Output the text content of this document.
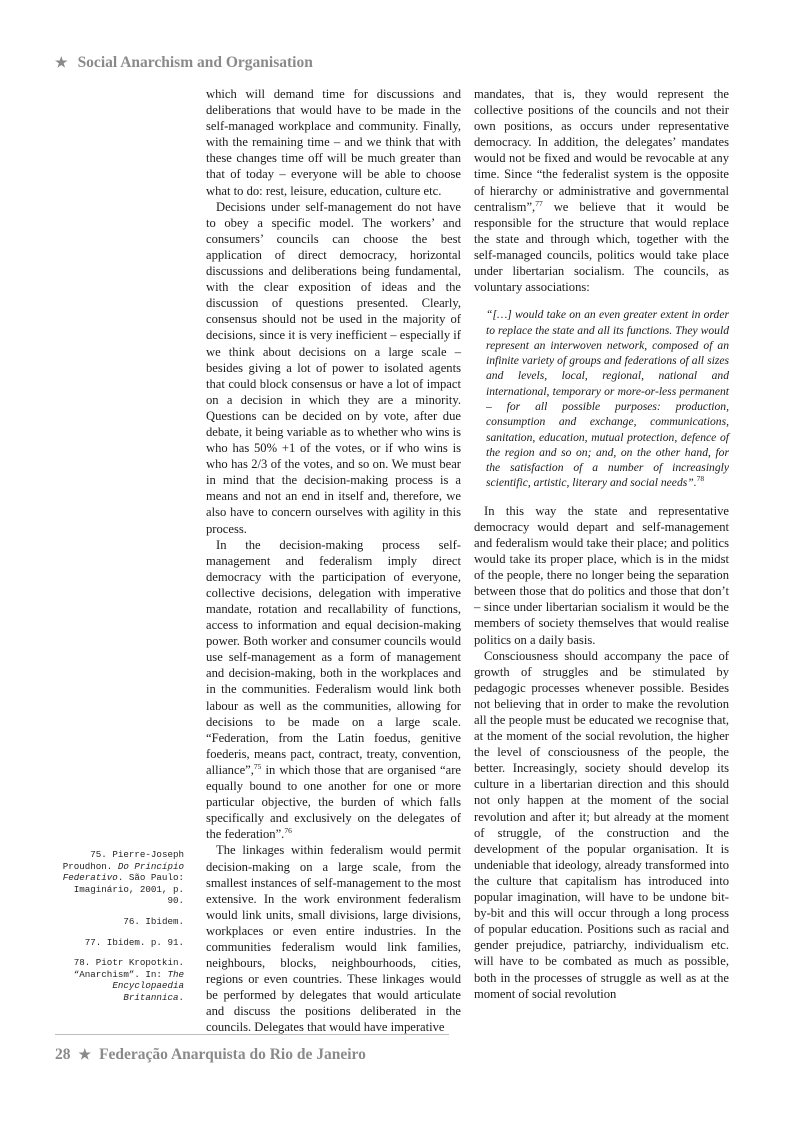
★ Social Anarchism and Organisation

which will demand time for discussions and deliberations that would have to be made in the self-managed workplace and community. Finally, with the remaining time – and we think that with these changes time off will be much greater than that of today – everyone will be able to choose what to do: rest, leisure, education, culture etc.

Decisions under self-management do not have to obey a specific model. The workers’ and consumers’ councils can choose the best application of direct democracy, horizontal discussions and deliberations being fundamental, with the clear exposition of ideas and the discussion of questions presented. Clearly, consensus should not be used in the majority of decisions, since it is very inefficient – especially if we think about decisions on a large scale – besides giving a lot of power to isolated agents that could block consensus or have a lot of impact on a decision in which they are a minority. Questions can be decided on by vote, after due debate, it being variable as to whether who wins is who has 50% +1 of the votes, or if who wins is who has 2/3 of the votes, and so on. We must bear in mind that the decision-making process is a means and not an end in itself and, therefore, we also have to concern ourselves with agility in this process.

In the decision-making process self-management and federalism imply direct democracy with the participation of everyone, collective decisions, delegation with imperative mandate, rotation and recallability of functions, access to information and equal decision-making power. Both worker and consumer councils would use self-management as a form of management and decision-making, both in the workplaces and in the communities. Federalism would link both labour as well as the communities, allowing for decisions to be made on a large scale. “Federation, from the Latin foedus, genitive foederis, means pact, contract, treaty, convention, alliance”,$^{75}$ in which those that are organised “are equally bound to one another for one or more particular objective, the burden of which falls specifically and exclusively on the delegates of the federation”.$^{76}$

The linkages within federalism would permit decision-making on a large scale, from the smallest instances of self-management to the most extensive. In the work environment federalism would link units, small divisions, large divisions, workplaces or even entire industries. In the communities federalism would link families, neighbours, blocks, neighbourhoods, cities, regions or even countries. These linkages would be performed by delegates that would articulate and discuss the positions deliberated in the councils. Delegates that would have imperative

mandates, that is, they would represent the collective positions of the councils and not their own positions, as occurs under representative democracy. In addition, the delegates’ mandates would not be fixed and would be revocable at any time. Since “the federalist system is the opposite of hierarchy or administrative and governmental centralism”,$^{77}$ we believe that it would be responsible for the structure that would replace the state and through which, together with the self-managed councils, politics would take place under libertarian socialism. The councils, as voluntary associations:

“[…] would take on an even greater extent in order to replace the state and all its functions. They would represent an interwoven network, composed of an infinite variety of groups and federations of all sizes and levels, local, regional, national and international, temporary or more-or-less permanent – for all possible purposes: production, consumption and exchange, communications, sanitation, education, mutual protection, defence of the region and so on; and, on the other hand, for the satisfaction of a number of increasingly scientific, artistic, literary and social needs”.$^{78}$

In this way the state and representative democracy would depart and self-management and federalism would take their place; and politics would take its proper place, which is in the midst of the people, there no longer being the separation between those that do politics and those that don’t – since under libertarian socialism it would be the members of society themselves that would realise politics on a daily basis.

Consciousness should accompany the pace of growth of struggles and be stimulated by pedagogic processes whenever possible. Besides not believing that in order to make the revolution all the people must be educated we recognise that, at the moment of the social revolution, the higher the level of consciousness of the people, the better. Increasingly, society should develop its culture in a libertarian direction and this should not only happen at the moment of the social revolution and after it; but already at the moment of struggle, of the construction and the development of the popular organisation. It is undeniable that ideology, already transformed into the culture that capitalism has introduced into popular imagination, will have to be undone bit-by-bit and this will occur through a long process of popular education. Positions such as racial and gender prejudice, patriarchy, individualism etc. will have to be combated as much as possible, both in the processes of struggle as well as at the moment of social revolution

75. Pierre-Joseph Proudhon. Do Princípio Federativo. São Paulo: Imaginário, 2001, p. 90.
76. Ibidem.
77. Ibidem. p. 91.
78. Piotr Kropotkin. “Anarchism”. In: The Encyclopaedia Britannica.
28 ★ Federação Anarquista do Rio de Janeiro
